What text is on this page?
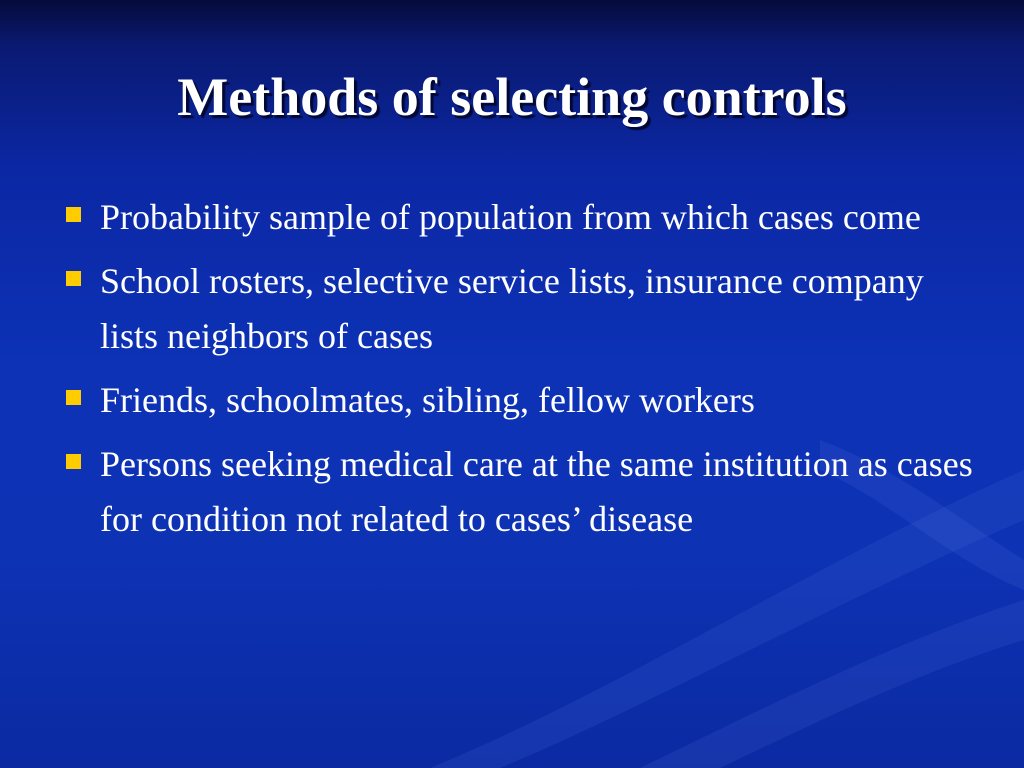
Methods of selecting controls
Probability sample of population from which cases come
School rosters, selective service lists, insurance company lists neighbors of cases
Friends, schoolmates, sibling, fellow workers
Persons seeking medical care at the same institution as cases for condition not related to cases’ disease
